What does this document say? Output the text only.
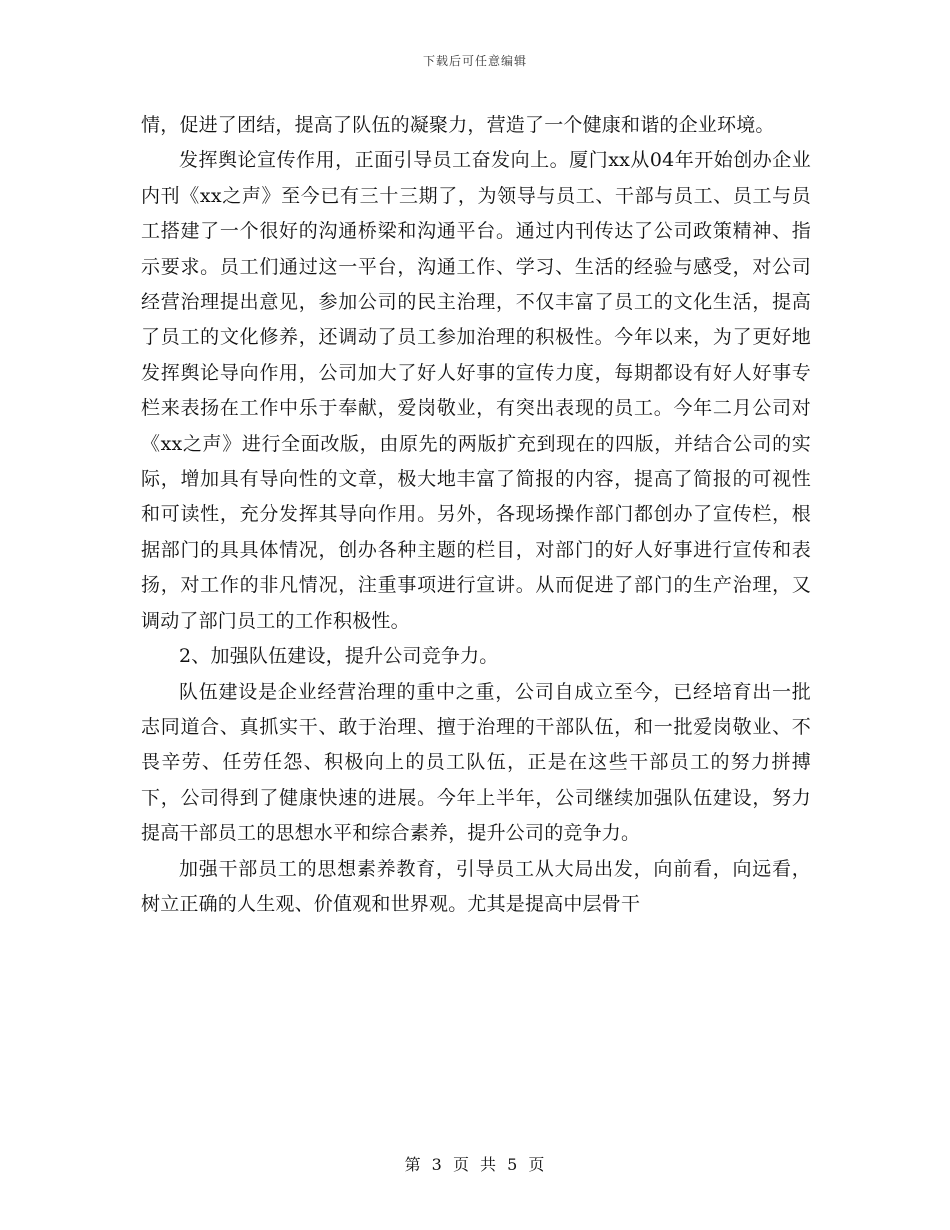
下载后可任意编辑

情，促进了团结，提高了队伍的凝聚力，营造了一个健康和谐的企业环境。

发挥舆论宣传作用，正面引导员工奋发向上。厦门xx从04年开始创办企业内刊《xx之声》至今已有三十三期了，为领导与员工、干部与员工、员工与员工搭建了一个很好的沟通桥梁和沟通平台。通过内刊传达了公司政策精神、指示要求。员工们通过这一平台，沟通工作、学习、生活的经验与感受，对公司经营治理提出意见，参加公司的民主治理，不仅丰富了员工的文化生活，提高了员工的文化修养，还调动了员工参加治理的积极性。今年以来，为了更好地发挥舆论导向作用，公司加大了好人好事的宣传力度，每期都设有好人好事专栏来表扬在工作中乐于奉献，爱岗敬业，有突出表现的员工。今年二月公司对《xx之声》进行全面改版，由原先的两版扩充到现在的四版，并结合公司的实际，增加具有导向性的文章，极大地丰富了简报的内容，提高了简报的可视性和可读性，充分发挥其导向作用。另外，各现场操作部门都创办了宣传栏，根据部门的具具体情况，创办各种主题的栏目，对部门的好人好事进行宣传和表扬，对工作的非凡情况，注重事项进行宣讲。从而促进了部门的生产治理，又调动了部门员工的工作积极性。

2、加强队伍建设，提升公司竞争力。

队伍建设是企业经营治理的重中之重，公司自成立至今，已经培育出一批志同道合、真抓实干、敢于治理、擅于治理的干部队伍，和一批爱岗敬业、不畏辛劳、任劳任怨、积极向上的员工队伍，正是在这些干部员工的努力拼搏下，公司得到了健康快速的进展。今年上半年，公司继续加强队伍建设，努力提高干部员工的思想水平和综合素养，提升公司的竞争力。

加强干部员工的思想素养教育，引导员工从大局出发，向前看，向远看，树立正确的人生观、价值观和世界观。尤其是提高中层骨干

第 3 页 共 5 页
